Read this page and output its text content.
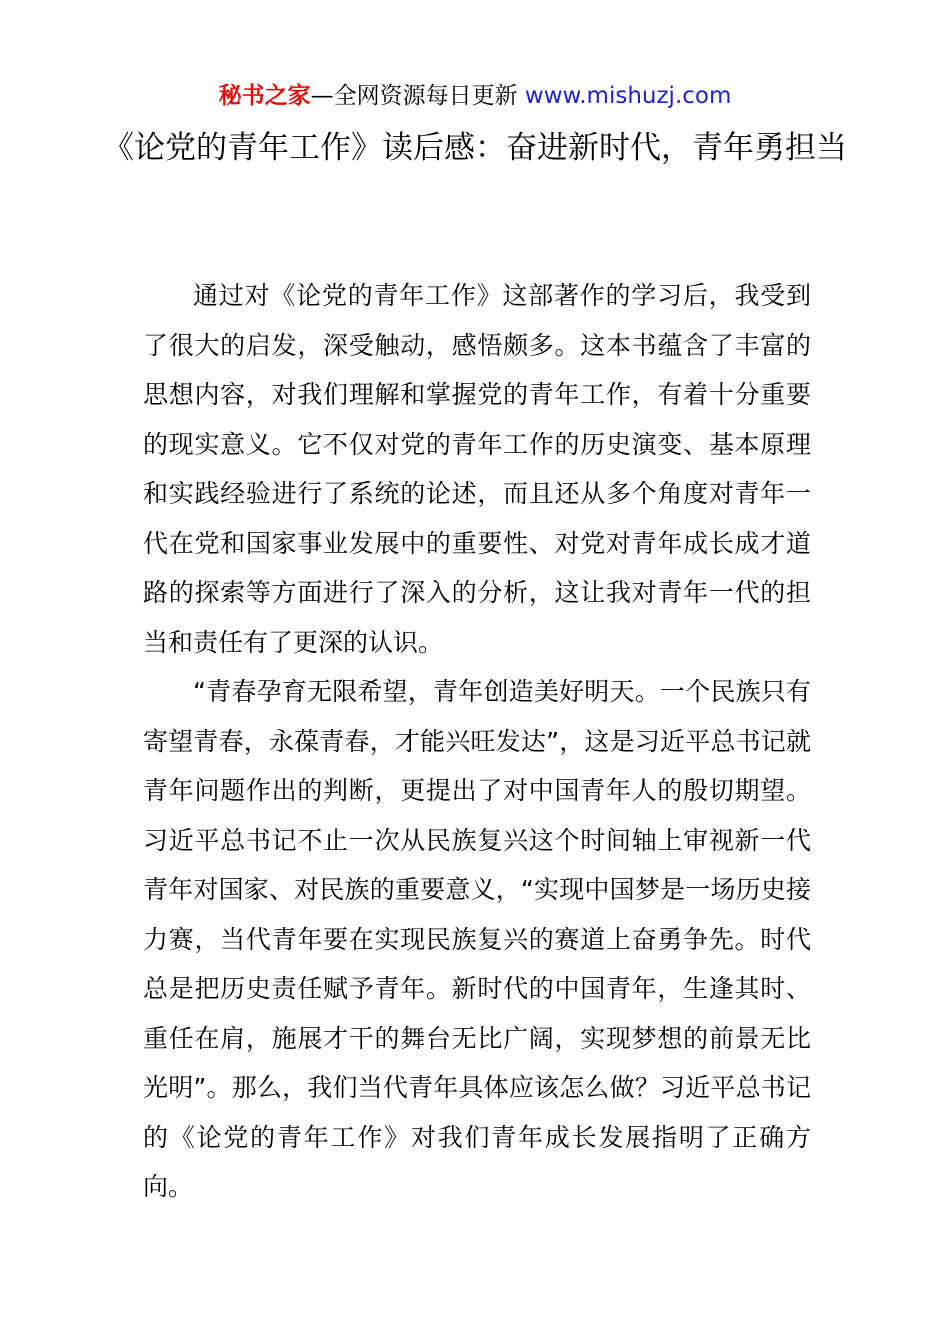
秘书之家—全网资源每日更新 www.mishuzj.com
《论党的青年工作》读后感：奋进新时代，青年勇担当

通过对《论党的青年工作》这部著作的学习后，我受到了很大的启发，深受触动，感悟颇多。这本书蕴含了丰富的思想内容，对我们理解和掌握党的青年工作，有着十分重要的现实意义。它不仅对党的青年工作的历史演变、基本原理和实践经验进行了系统的论述，而且还从多个角度对青年一代在党和国家事业发展中的重要性、对党对青年成长成才道路的探索等方面进行了深入的分析，这让我对青年一代的担当和责任有了更深的认识。

“青春孕育无限希望，青年创造美好明天。一个民族只有寄望青春，永葆青春，才能兴旺发达”，这是习近平总书记就青年问题作出的判断，更提出了对中国青年人的殷切期望。习近平总书记不止一次从民族复兴这个时间轴上审视新一代青年对国家、对民族的重要意义，“实现中国梦是一场历史接力赛，当代青年要在实现民族复兴的赛道上奋勇争先。时代总是把历史责任赋予青年。新时代的中国青年，生逢其时、重任在肩，施展才干的舞台无比广阔，实现梦想的前景无比光明”。那么，我们当代青年具体应该怎么做？习近平总书记的《论党的青年工作》对我们青年成长发展指明了正确方向。
